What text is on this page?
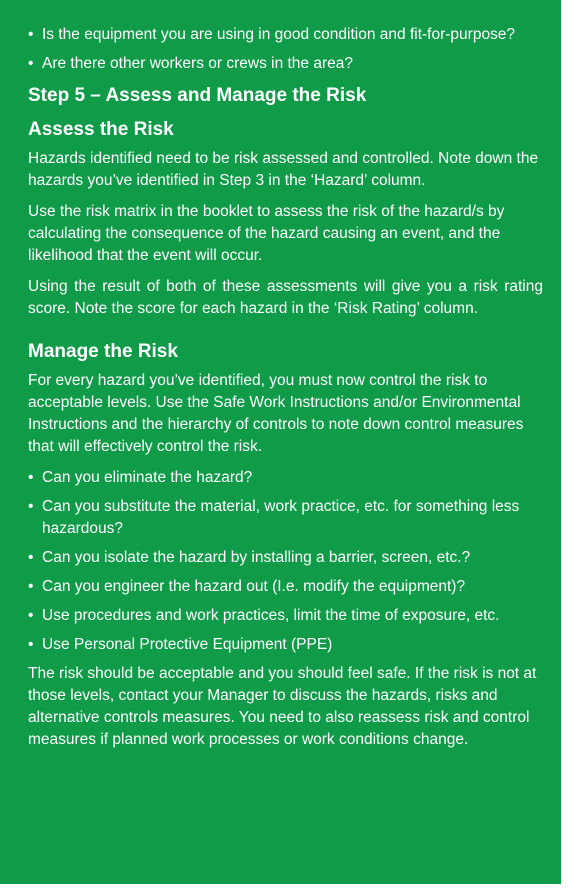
• Is the equipment you are using in good condition and fit-for-purpose?
• Are there other workers or crews in the area?
Step 5 – Assess and Manage the Risk
Assess the Risk

Hazards identified need to be risk assessed and controlled. Note down the hazards you’ve identified in Step 3 in the ‘Hazard’ column.

Use the risk matrix in the booklet to assess the risk of the hazard/s by calculating the consequence of the hazard causing an event, and the likelihood that the event will occur.

Using the result of both of these assessments will give you a risk rating score. Note the score for each hazard in the ‘Risk Rating’ column.

Manage the Risk

For every hazard you’ve identified, you must now control the risk to acceptable levels. Use the Safe Work Instructions and/or Environmental Instructions and the hierarchy of controls to note down control measures that will effectively control the risk.

• Can you eliminate the hazard?
• Can you substitute the material, work practice, etc. for something less hazardous?
• Can you isolate the hazard by installing a barrier, screen, etc.?
• Can you engineer the hazard out (I.e. modify the equipment)?
• Use procedures and work practices, limit the time of exposure, etc.
• Use Personal Protective Equipment (PPE)

The risk should be acceptable and you should feel safe. If the risk is not at those levels, contact your Manager to discuss the hazards, risks and alternative controls measures. You need to also reassess risk and control measures if planned work processes or work conditions change.
